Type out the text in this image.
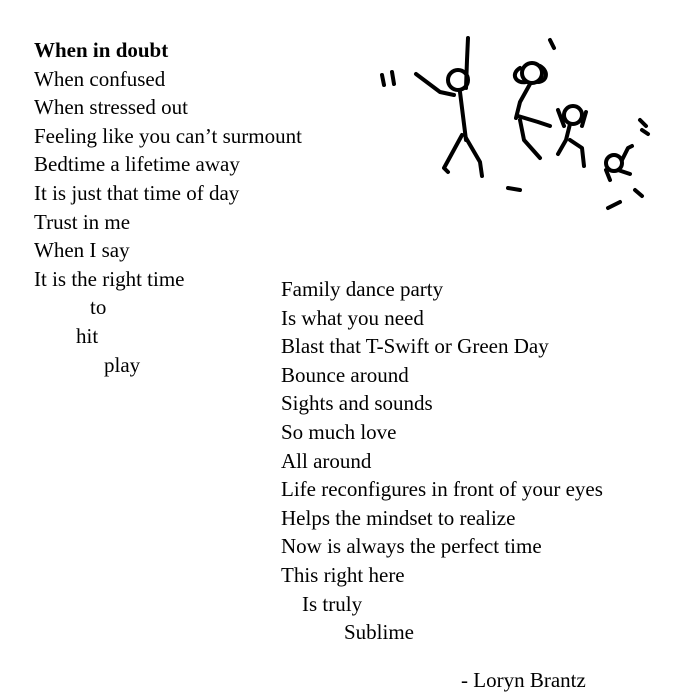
When in doubt
When confused
When stressed out
Feeling like you can’t surmount
Bedtime a lifetime away
It is just that time of day
Trust in me
When I say
It is the right time
to
hit
play
Family dance party
Is what you need
Blast that T-Swift or Green Day
Bounce around
Sights and sounds
So much love
All around
Life reconfigures in front of your eyes
Helps the mindset to realize
Now is always the perfect time
This right here
Is truly
Sublime
- Loryn Brantz
